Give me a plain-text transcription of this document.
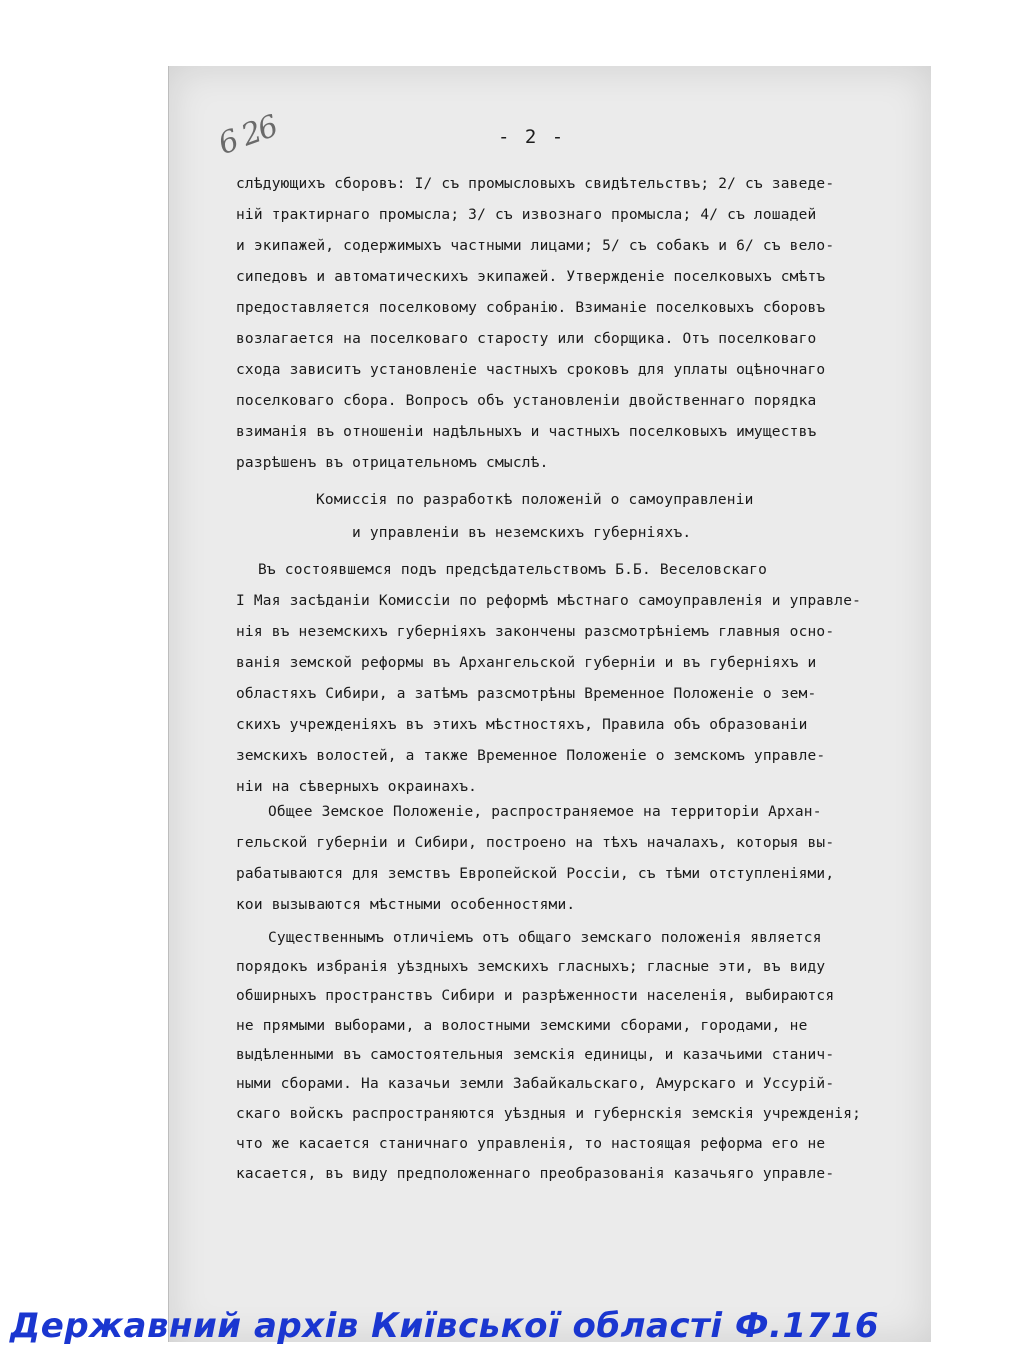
6 26	- 2 -
слѣдующихъ сборовъ: I/ съ промысловыхъ свидѣтельствъ; 2/ съ заведе-
ній трактирнаго промысла; 3/ съ извознаго промысла; 4/ съ лошадей
и экипажей, содержимыхъ частными лицами; 5/ съ собакъ и 6/ съ вело-
сипедовъ и автоматическихъ экипажей. Утвержденіе поселковыхъ смѣтъ
предоставляется поселковому собранію. Взиманіе поселковыхъ сборовъ
возлагается на поселковаго старосту или сборщика. Отъ поселковаго
схода зависитъ установленіе частныхъ сроковъ для уплаты оцѣночнаго
поселковаго сбора. Вопросъ объ установленіи двойственнаго порядка
взиманія въ отношеніи надѣльныхъ и частныхъ поселковыхъ имуществъ
разрѣшенъ въ отрицательномъ смыслѣ.
Комиссія по разработкѣ положеній о самоуправленіи
и управленіи въ неземскихъ губерніяхъ.
Въ состоявшемся подъ предсѣдательствомъ Б.Б. Веселовскаго
I Мая засѣданіи Комиссіи по реформѣ мѣстнаго самоуправленія и управле-
нія въ неземскихъ губерніяхъ закончены разсмотрѣніемъ главныя осно-
ванія земской реформы въ Архангельской губерніи и въ губерніяхъ и
областяхъ Сибири, а затѣмъ разсмотрѣны Временное Положеніе о зем-
скихъ учрежденіяхъ въ этихъ мѣстностяхъ, Правила объ образованіи
земскихъ волостей, а также Временное Положеніе о земскомъ управле-
ніи на сѣверныхъ окраинахъ.
Общее Земское Положеніе, распространяемое на территоріи Архан-
гельской губерніи и Сибири, построено на тѣхъ началахъ, которыя вы-
рабатываются для земствъ Европейской Россіи, съ тѣми отступленіями,
кои вызываются мѣстными особенностями.
Существеннымъ отличіемъ отъ общаго земскаго положенія является
порядокъ избранія уѣздныхъ земскихъ гласныхъ; гласные эти, въ виду
обширныхъ пространствъ Сибири и разрѣженности населенія, выбираются
не прямыми выборами, а волостными земскими сборами, городами, не
выдѣленными въ самостоятельныя земскія единицы, и казачьими станич-
ными сборами. На казачьи земли Забайкальскаго, Амурскаго и Уссурій-
скаго войскъ распространяются уѣздныя и губернскія земскія учрежденія;
что же касается станичнаго управленія, то настоящая реформа его не
касается, въ виду предположеннаго преобразованія казачьяго управле-
Державний архів Київської області Ф.1716
